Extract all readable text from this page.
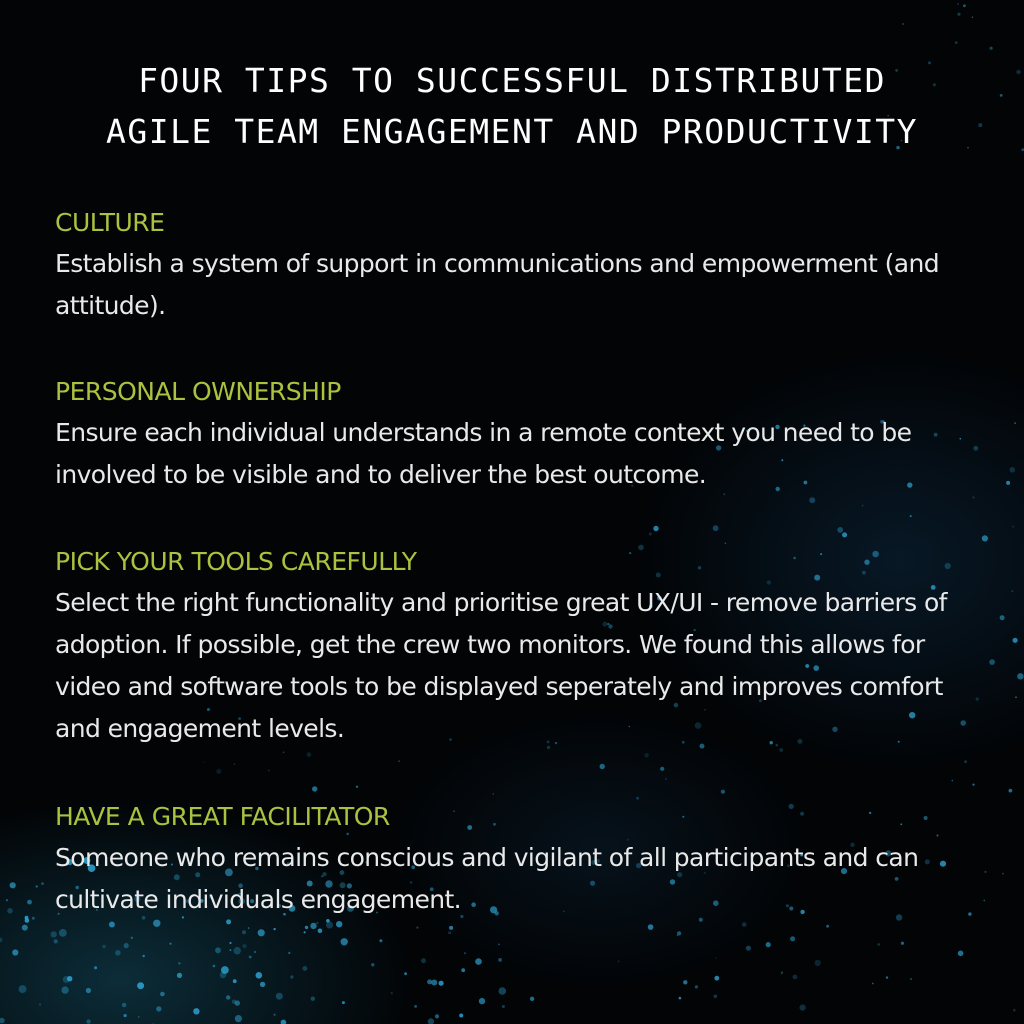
FOUR TIPS TO SUCCESSFUL DISTRIBUTED
AGILE TEAM ENGAGEMENT AND PRODUCTIVITY

CULTURE

Establish a system of support in communications and empowerment (and attitude).

PERSONAL OWNERSHIP

Ensure each individual understands in a remote context you need to be involved to be visible and to deliver the best outcome.

PICK YOUR TOOLS CAREFULLY

Select the right functionality and prioritise great UX/UI - remove barriers of adoption. If possible, get the crew two monitors. We found this allows for video and software tools to be displayed seperately and improves comfort and engagement levels.

HAVE A GREAT FACILITATOR

Someone who remains conscious and vigilant of all participants and can cultivate individuals engagement.
